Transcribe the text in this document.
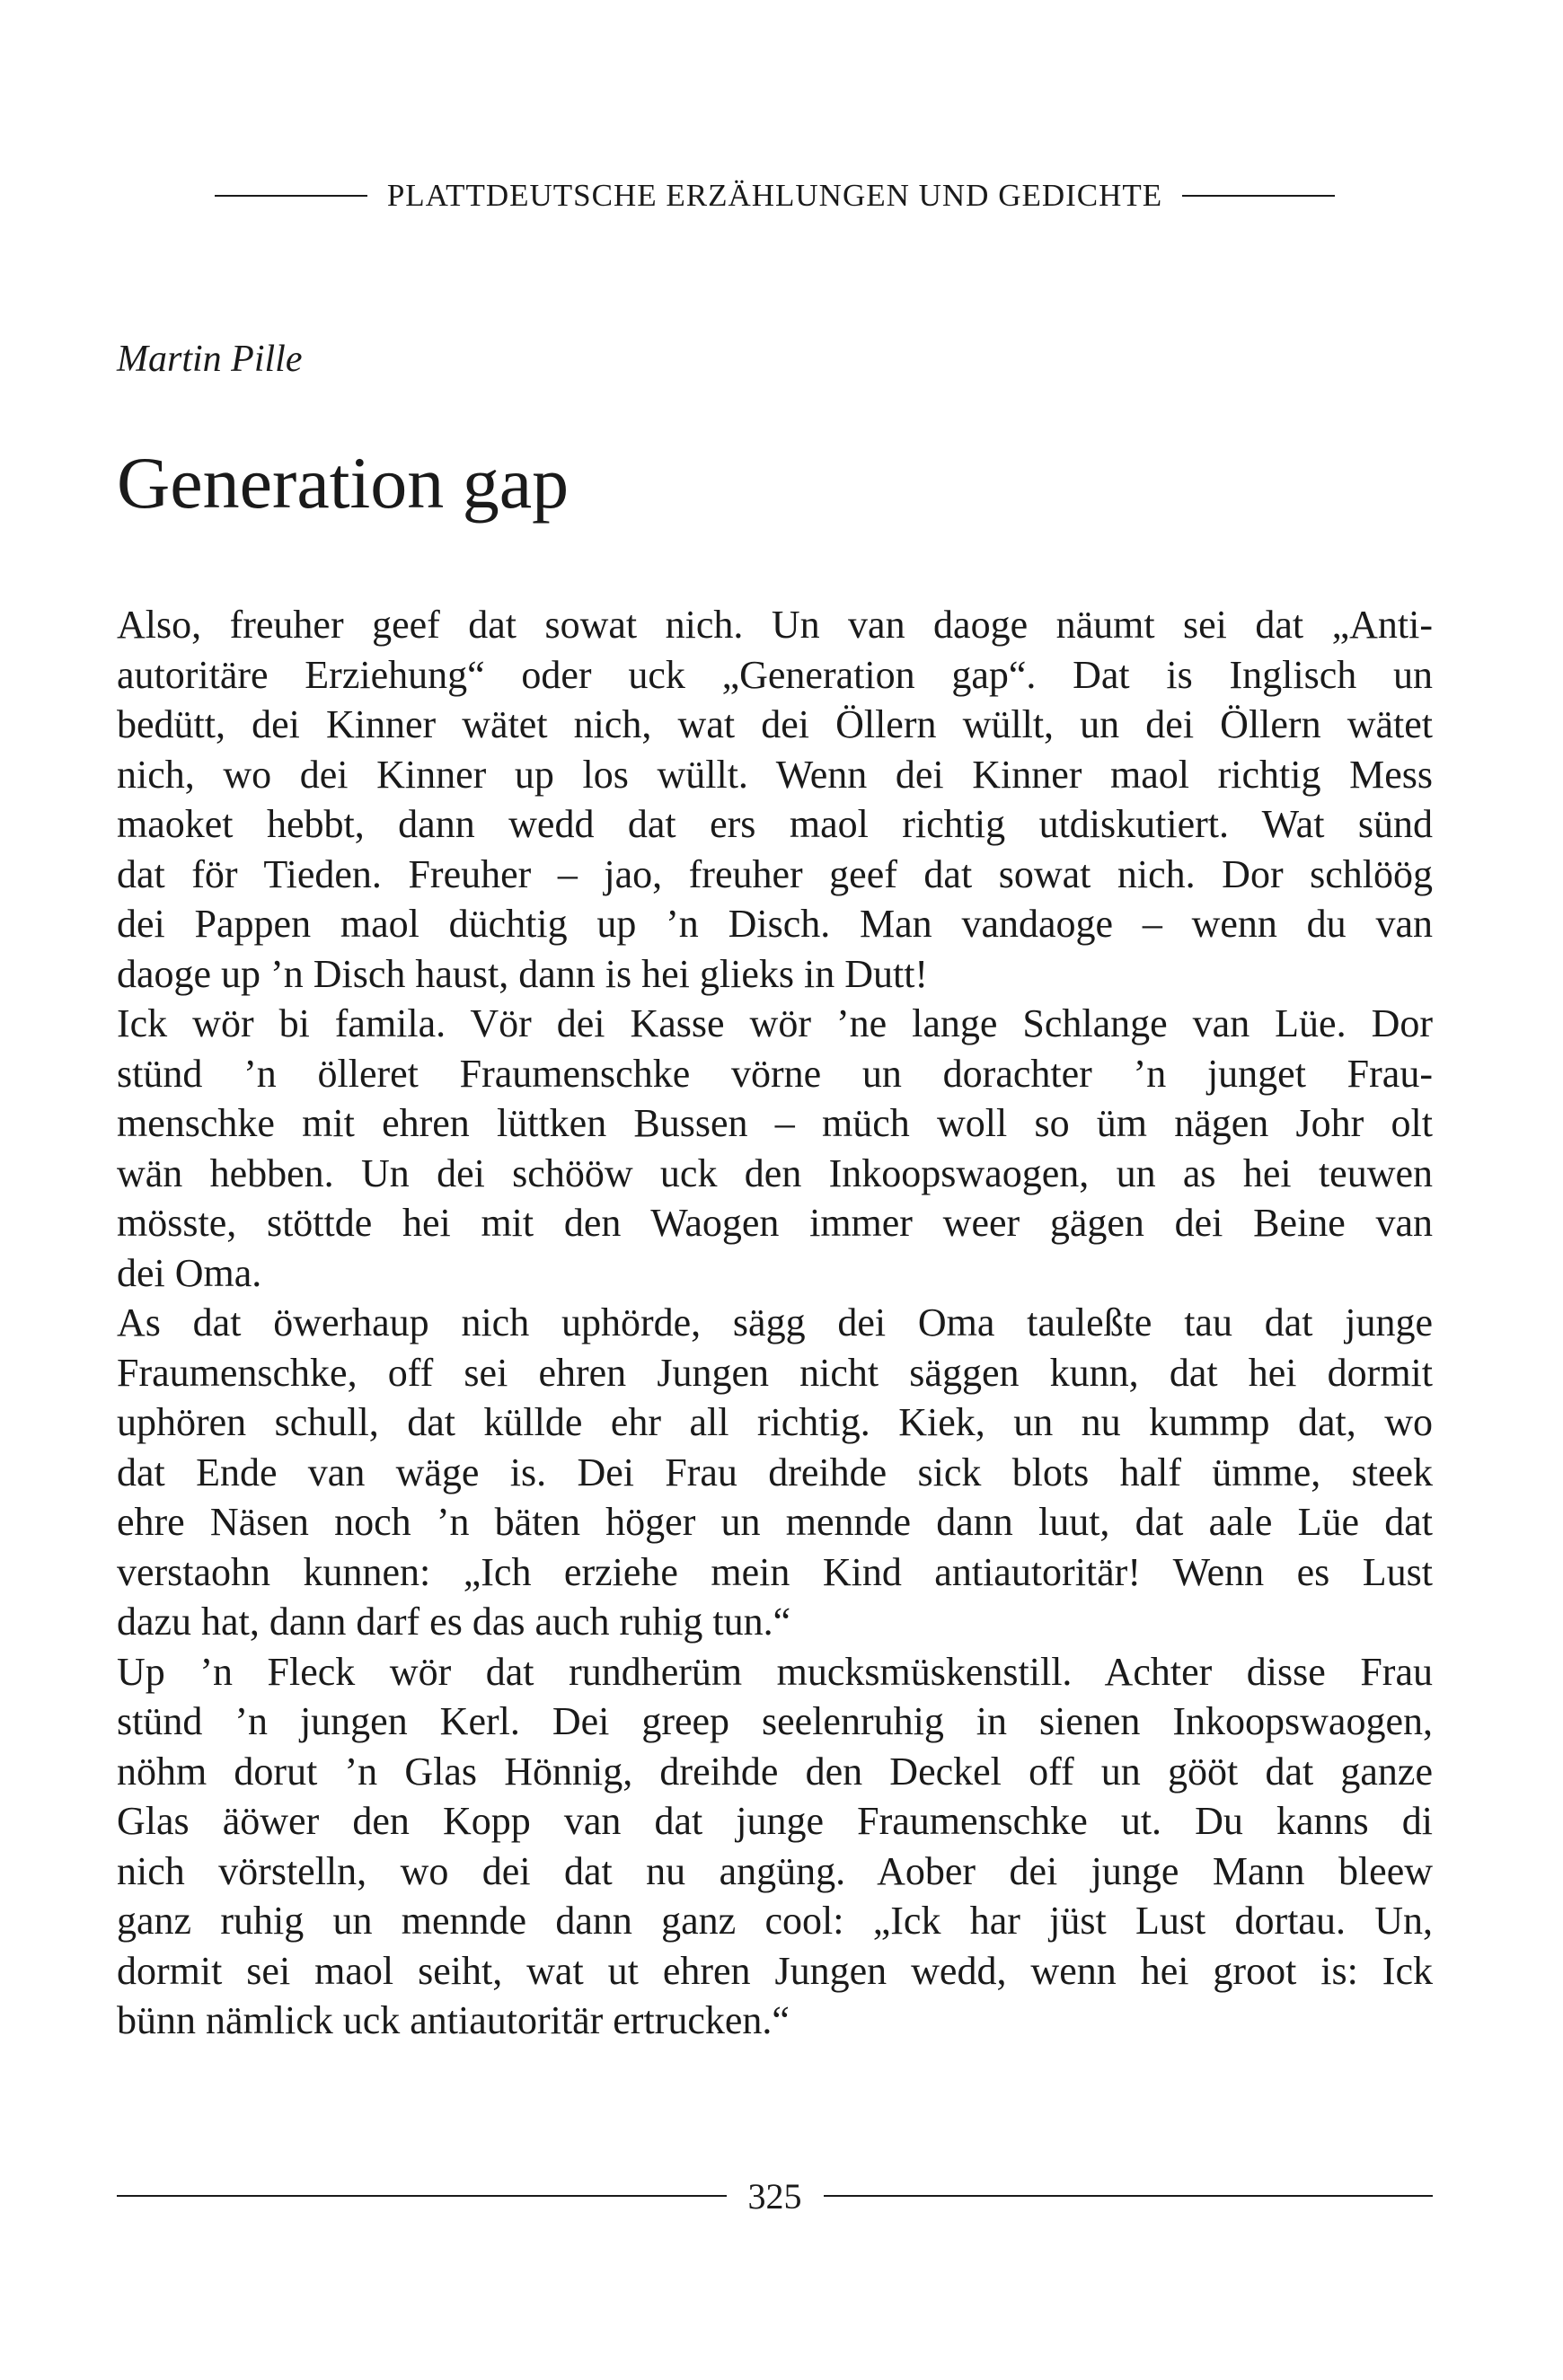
PLATTDEUTSCHE ERZÄHLUNGEN UND GEDICHTE
Martin Pille
Generation gap
Also, freuher geef dat sowat nich. Un van daoge näumt sei dat „Anti-
autoritäre Erziehung“ oder uck „Generation gap“. Dat is Inglisch un
bedütt, dei Kinner wätet nich, wat dei Öllern wüllt, un dei Öllern wätet
nich, wo dei Kinner up los wüllt. Wenn dei Kinner maol richtig Mess
maoket hebbt, dann wedd dat ers maol richtig utdiskutiert. Wat sünd
dat för Tieden. Freuher – jao, freuher geef dat sowat nich. Dor schlöög
dei Pappen maol düchtig up ’n Disch. Man vandaoge – wenn du van
daoge up ’n Disch haust, dann is hei glieks in Dutt!
Ick wör bi famila. Vör dei Kasse wör ’ne lange Schlange van Lüe. Dor
stünd ’n ölleret Fraumenschke vörne un dorachter ’n junget Frau-
menschke mit ehren lüttken Bussen – müch woll so üm nägen Johr olt
wän hebben. Un dei schööw uck den Inkoopswaogen, un as hei teuwen
mösste, stöttde hei mit den Waogen immer weer gägen dei Beine van
dei Oma.
As dat öwerhaup nich uphörde, sägg dei Oma tauleßte tau dat junge
Fraumenschke, off sei ehren Jungen nicht säggen kunn, dat hei dormit
uphören schull, dat küllde ehr all richtig. Kiek, un nu kummp dat, wo
dat Ende van wäge is. Dei Frau dreihde sick blots half ümme, steek
ehre Näsen noch ’n bäten höger un mennde dann luut, dat aale Lüe dat
verstaohn kunnen: „Ich erziehe mein Kind antiautoritär! Wenn es Lust
dazu hat, dann darf es das auch ruhig tun.“
Up ’n Fleck wör dat rundherüm mucksmüskenstill. Achter disse Frau
stünd ’n jungen Kerl. Dei greep seelenruhig in sienen Inkoopswaogen,
nöhm dorut ’n Glas Hönnig, dreihde den Deckel off un gööt dat ganze
Glas äöwer den Kopp van dat junge Fraumenschke ut. Du kanns di
nich vörstelln, wo dei dat nu angüng. Aober dei junge Mann bleew
ganz ruhig un mennde dann ganz cool: „Ick har jüst Lust dortau. Un,
dormit sei maol seiht, wat ut ehren Jungen wedd, wenn hei groot is: Ick
bünn nämlick uck antiautoritär ertrucken.“
325
